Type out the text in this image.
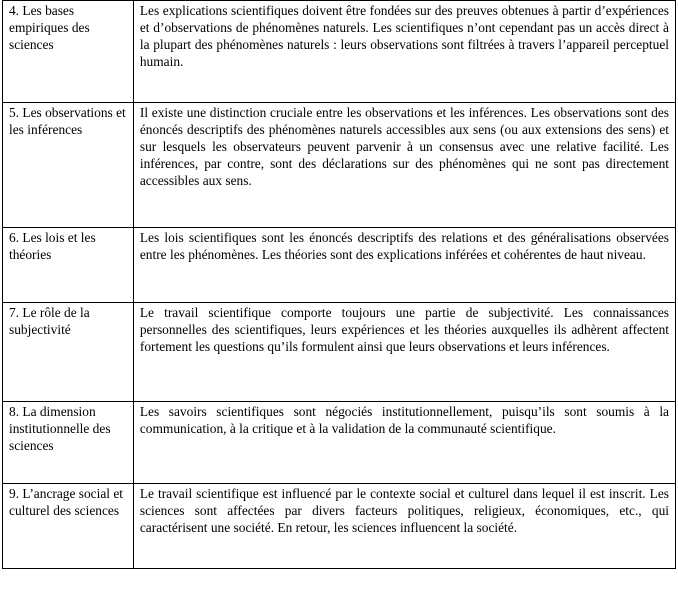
4. Les bases empiriques des sciences	Les explications scientifiques doivent être fondées sur des preuves obtenues à partir d’expériences et d’observations de phénomènes naturels. Les scientifiques n’ont cependant pas un accès direct à la plupart des phénomènes naturels : leurs observations sont filtrées à travers l’appareil perceptuel humain.

5. Les observations et les inférences	Il existe une distinction cruciale entre les observations et les inférences. Les observations sont des énoncés descriptifs des phénomènes naturels accessibles aux sens (ou aux extensions des sens) et sur lesquels les observateurs peuvent parvenir à un consensus avec une relative facilité. Les inférences, par contre, sont des déclarations sur des phénomènes qui ne sont pas directement accessibles aux sens.

6. Les lois et les théories	Les lois scientifiques sont les énoncés descriptifs des relations et des généralisations observées entre les phénomènes. Les théories sont des explications inférées et cohérentes de haut niveau.

7. Le rôle de la subjectivité	Le travail scientifique comporte toujours une partie de subjectivité. Les connaissances personnelles des scientifiques, leurs expériences et les théories auxquelles ils adhèrent affectent fortement les questions qu’ils formulent ainsi que leurs observations et leurs inférences.

8. La dimension institutionnelle des sciences	Les savoirs scientifiques sont négociés institutionnellement, puisqu’ils sont soumis à la communication, à la critique et à la validation de la communauté scientifique.

9. L’ancrage social et culturel des sciences	Le travail scientifique est influencé par le contexte social et culturel dans lequel il est inscrit. Les sciences sont affectées par divers facteurs politiques, religieux, économiques, etc., qui caractérisent une société. En retour, les sciences influencent la société.
